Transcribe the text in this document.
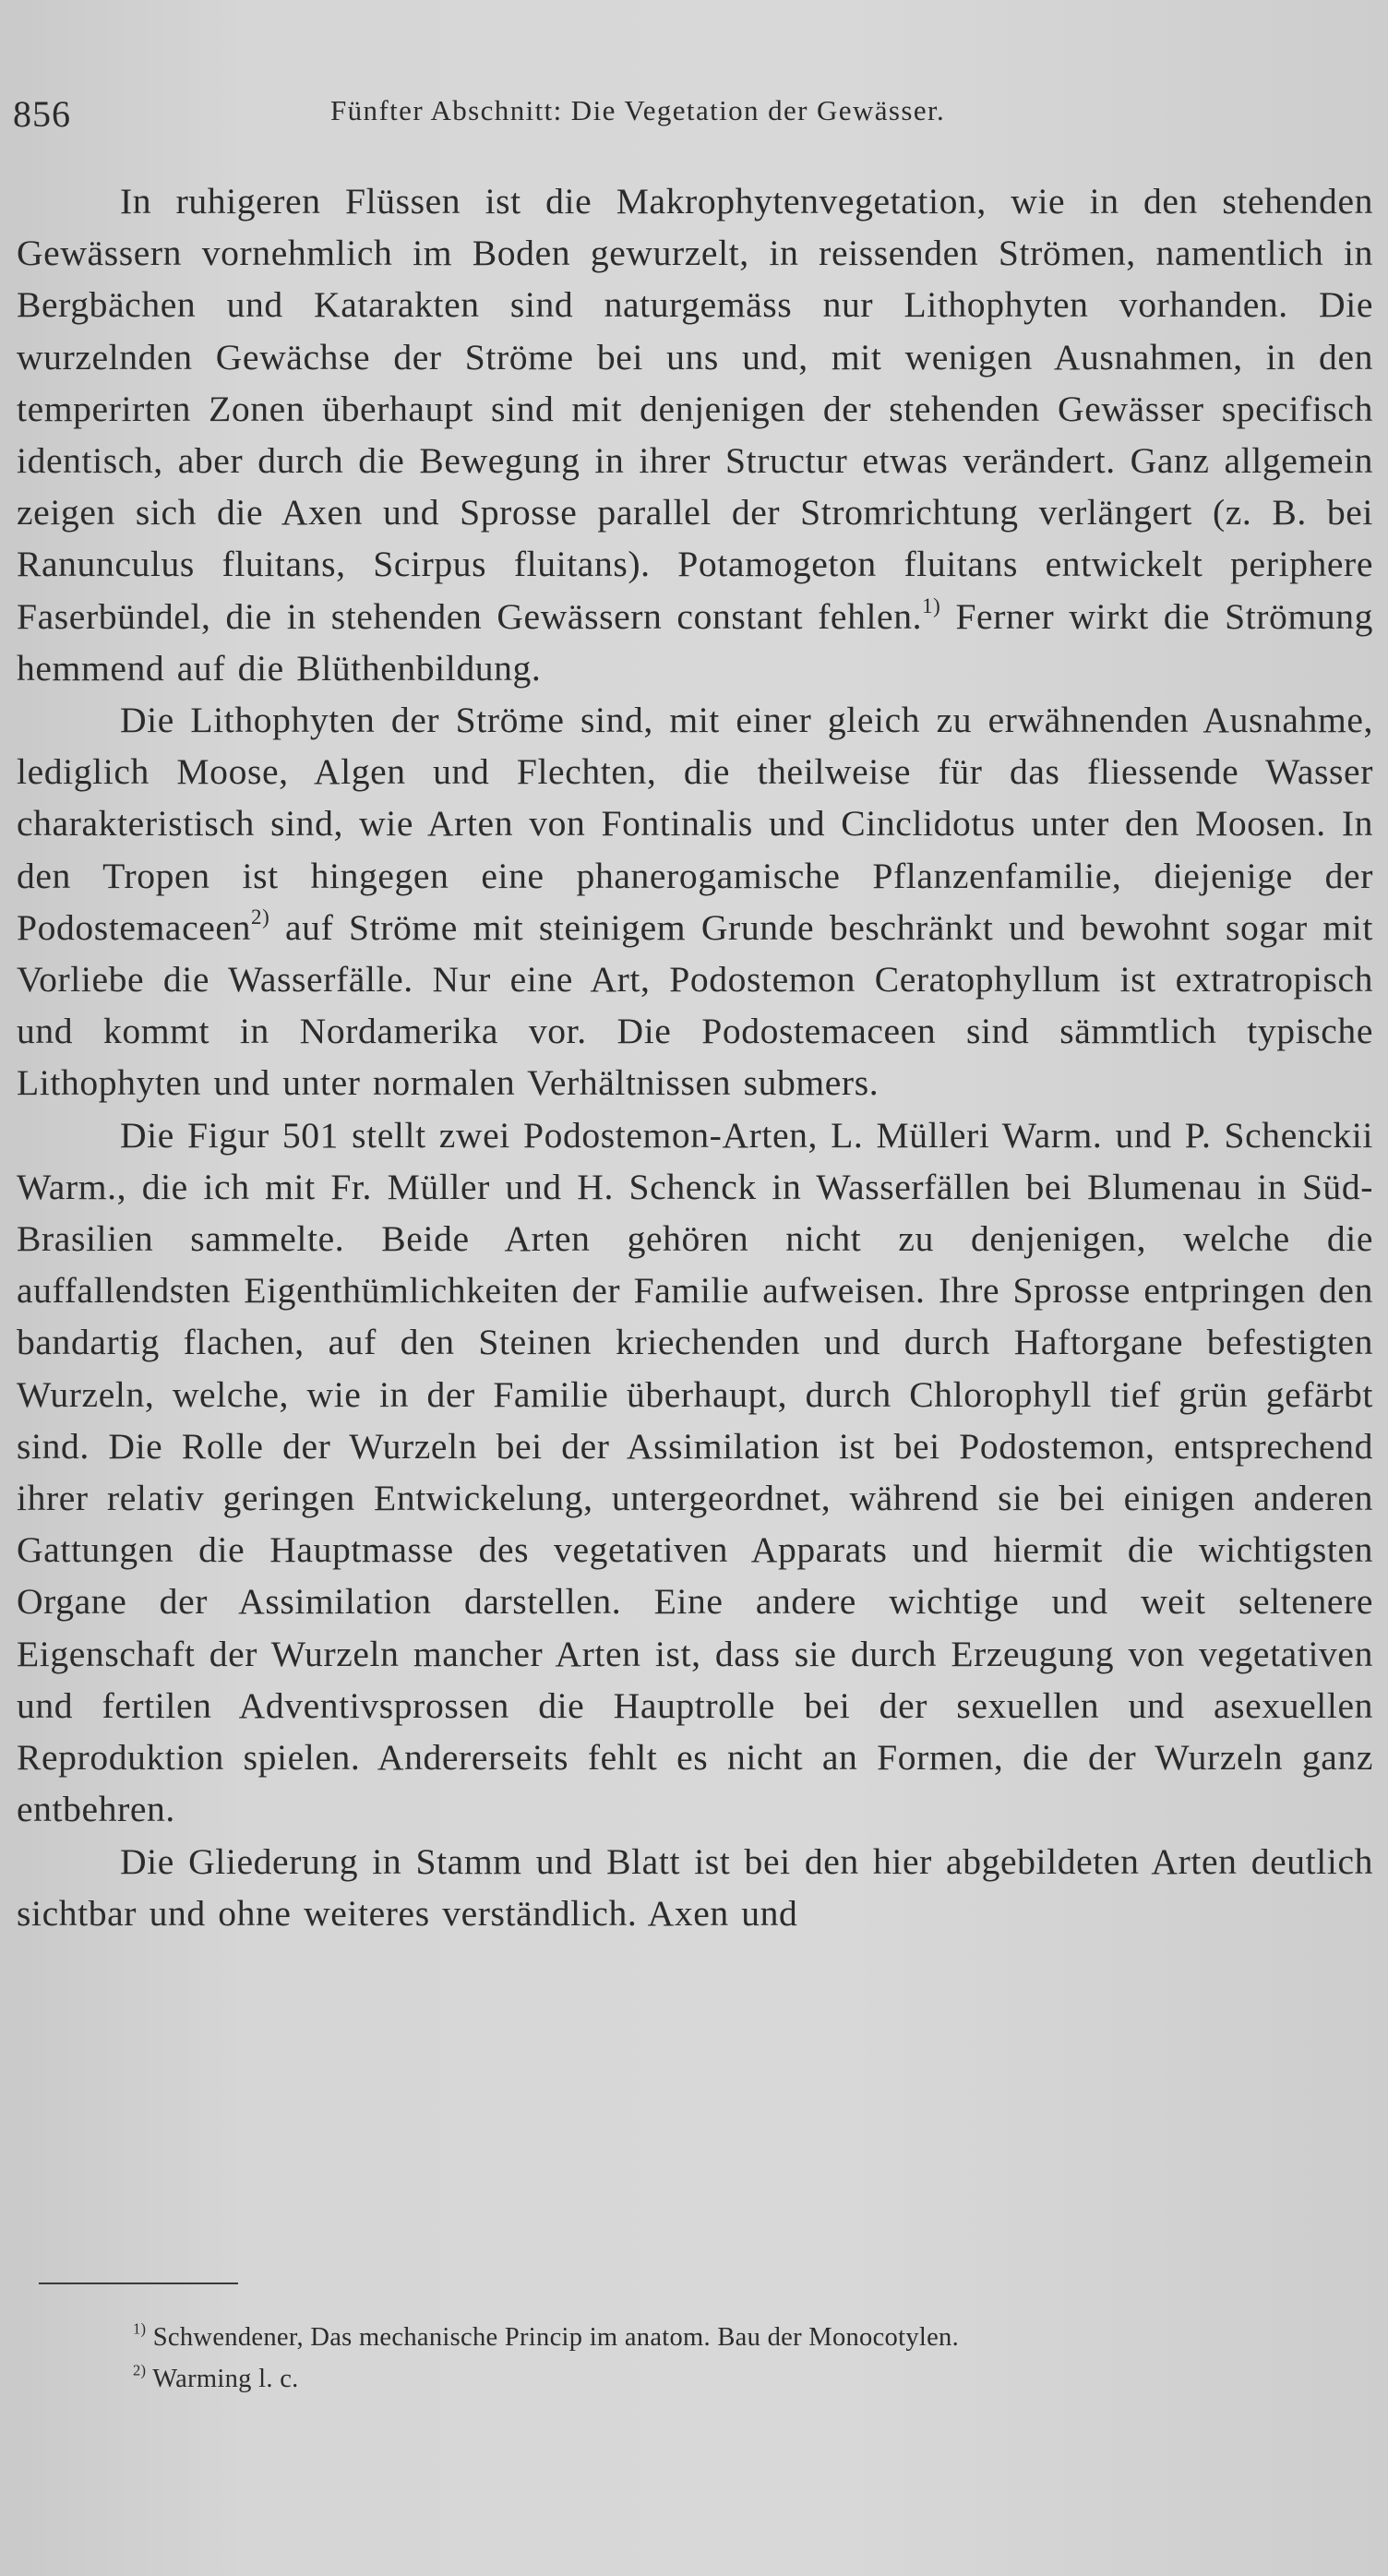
856	Fünfter Abschnitt: Die Vegetation der Gewässer.

In ruhigeren Flüssen ist die Makrophytenvegetation, wie in den stehenden Gewässern vornehmlich im Boden gewurzelt, in reissenden Strömen, namentlich in Bergbächen und Katarakten sind naturgemäss nur Lithophyten vorhanden. Die wurzelnden Gewächse der Ströme bei uns und, mit wenigen Ausnahmen, in den temperirten Zonen überhaupt sind mit denjenigen der stehenden Gewässer specifisch identisch, aber durch die Bewegung in ihrer Structur etwas verändert. Ganz allgemein zeigen sich die Axen und Sprosse parallel der Stromrichtung verlängert (z. B. bei Ranunculus fluitans, Scirpus fluitans). Potamogeton fluitans entwickelt periphere Faserbündel, die in stehenden Gewässern constant fehlen.$^{1)}$ Ferner wirkt die Strömung hemmend auf die Blüthenbildung.

Die Lithophyten der Ströme sind, mit einer gleich zu erwähnenden Ausnahme, lediglich Moose, Algen und Flechten, die theilweise für das fliessende Wasser charakteristisch sind, wie Arten von Fontinalis und Cinclidotus unter den Moosen. In den Tropen ist hingegen eine phanerogamische Pflanzenfamilie, diejenige der Podostemaceen$^{2)}$ auf Ströme mit steinigem Grunde beschränkt und bewohnt sogar mit Vorliebe die Wasserfälle. Nur eine Art, Podostemon Ceratophyllum ist extratropisch und kommt in Nordamerika vor. Die Podostemaceen sind sämmtlich typische Lithophyten und unter normalen Verhältnissen submers.

Die Figur 501 stellt zwei Podostemon-Arten, L. Mülleri Warm. und P. Schenckii Warm., die ich mit Fr. Müller und H. Schenck in Wasserfällen bei Blumenau in Süd-Brasilien sammelte. Beide Arten gehören nicht zu denjenigen, welche die auffallendsten Eigenthümlichkeiten der Familie aufweisen. Ihre Sprosse entpringen den bandartig flachen, auf den Steinen kriechenden und durch Haftorgane befestigten Wurzeln, welche, wie in der Familie überhaupt, durch Chlorophyll tief grün gefärbt sind. Die Rolle der Wurzeln bei der Assimilation ist bei Podostemon, entsprechend ihrer relativ geringen Entwickelung, untergeordnet, während sie bei einigen anderen Gattungen die Hauptmasse des vegetativen Apparats und hiermit die wichtigsten Organe der Assimilation darstellen. Eine andere wichtige und weit seltenere Eigenschaft der Wurzeln mancher Arten ist, dass sie durch Erzeugung von vegetativen und fertilen Adventivsprossen die Hauptrolle bei der sexuellen und asexuellen Reproduktion spielen. Andererseits fehlt es nicht an Formen, die der Wurzeln ganz entbehren.

Die Gliederung in Stamm und Blatt ist bei den hier abgebildeten Arten deutlich sichtbar und ohne weiteres verständlich. Axen und

$^{1)}$ Schwendener, Das mechanische Princip im anatom. Bau der Monocotylen.

$^{2)}$ Warming l. c.
